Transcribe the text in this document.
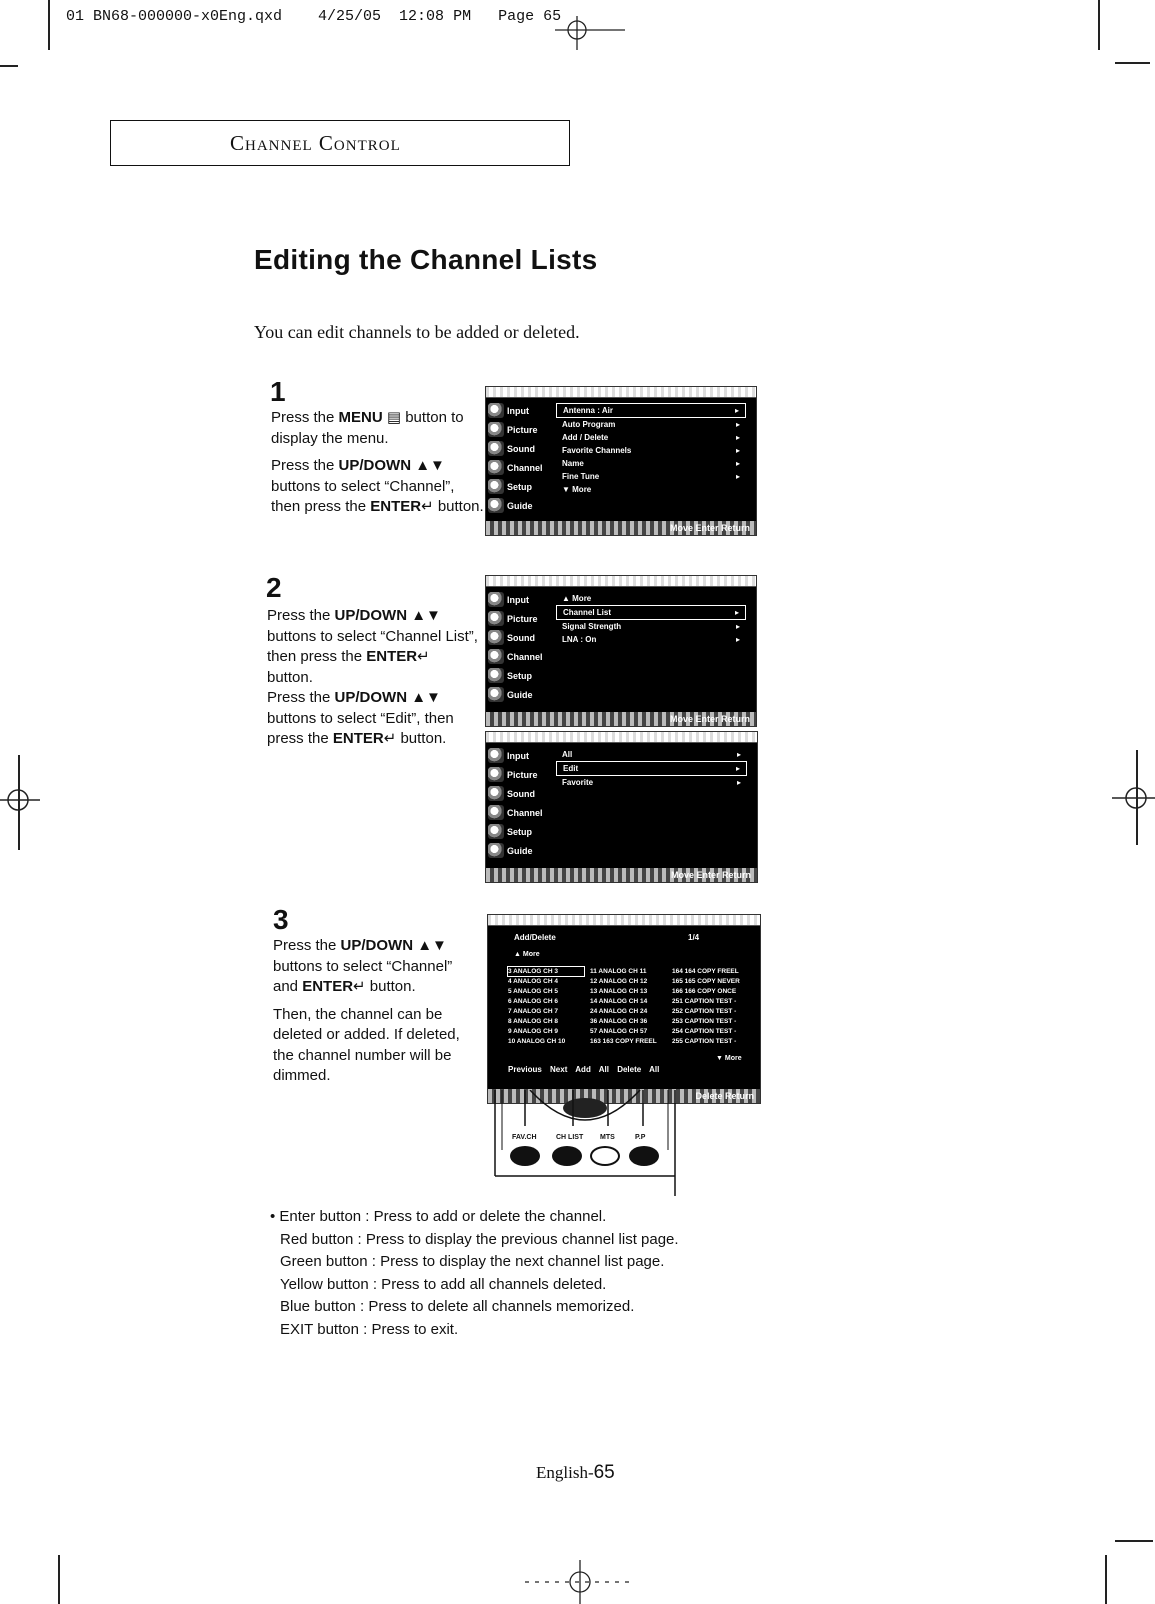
01 BN68-000000-x0Eng.qxd    4/25/05  12:08 PM   Page 65
Channel Control
Editing the Channel Lists
You can edit channels to be added or deleted.
1

Press the MENU ▤ button to display the menu.

Press the UP/DOWN ▲▼ buttons to select “Channel”, then press the ENTER↵ button.

2

Press the UP/DOWN ▲▼ buttons to select “Channel List”, then press the ENTER↵ button.
Press the UP/DOWN ▲▼ buttons to select “Edit”, then press the ENTER↵ button.

3

Press the UP/DOWN ▲▼ buttons to select “Channel” and ENTER↵ button.

Then, the channel can be deleted or added. If deleted, the channel number will be dimmed.

Input
Picture
Sound
Channel
Setup
Guide
Antenna : Air	▸
Auto Program	▸
Add / Delete	▸
Favorite Channels	▸
Name	▸
Fine Tune	▸
▼ More
Move Enter Return
Input
Picture
Sound
Channel
Setup
Guide
▲ More
Channel List	▸
Signal Strength	▸
LNA : On	▸
Move Enter Return
Input
Picture
Sound
Channel
Setup
Guide
All	▸
Edit	▸
Favorite	▸
Move Enter Return
Add/Delete	1/4
▲ More
3 ANALOG CH 3	11 ANALOG CH 11	164 164 COPY FREEL
4 ANALOG CH 4	12 ANALOG CH 12	165 165 COPY NEVER
5 ANALOG CH 5	13 ANALOG CH 13	166 166 COPY ONCE
6 ANALOG CH 6	14 ANALOG CH 14	251 CAPTION TEST -
7 ANALOG CH 7	24 ANALOG CH 24	252 CAPTION TEST -
8 ANALOG CH 8	36 ANALOG CH 36	253 CAPTION TEST -
9 ANALOG CH 9	57 ANALOG CH 57	254 CAPTION TEST -
10 ANALOG CH 10	163 163 COPY FREEL	255 CAPTION TEST -
▼ More
Previous Next Add All Delete All
Delete Return
FAV.CH	CH LIST MTS	P.P
• Enter button : Press to add or delete the channel.
Red button : Press to display the previous channel list page.
Green button : Press to display the next channel list page.
Yellow button : Press to add all channels deleted.
Blue button : Press to delete all channels memorized.
EXIT button : Press to exit.
English-65
